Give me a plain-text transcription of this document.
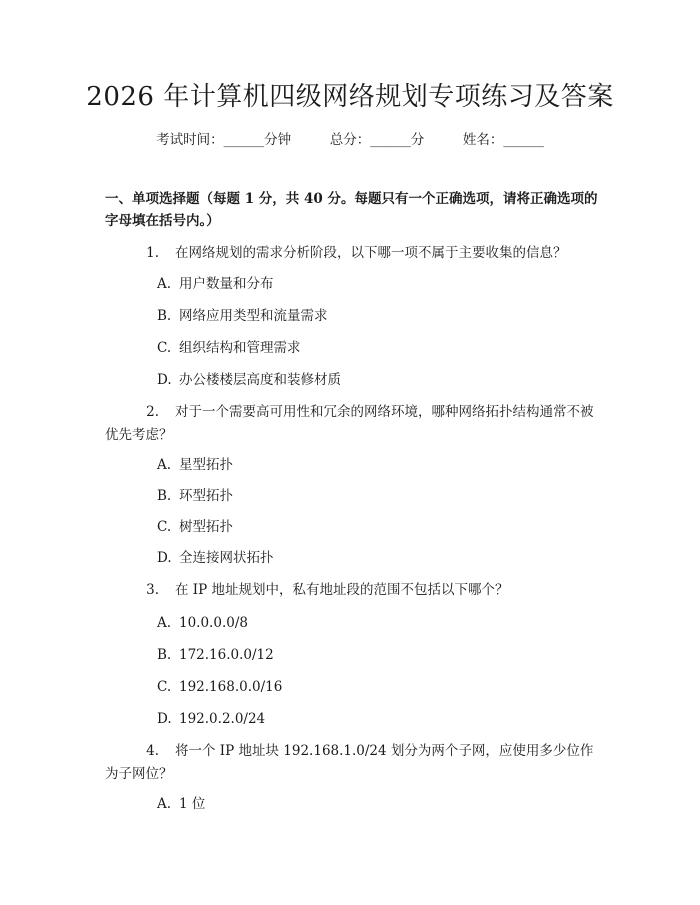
2026 年计算机四级网络规划专项练习及答案
考试时间：______分钟	总分：______分	姓名：______
一、单项选择题（每题 1 分，共 40 分。每题只有一个正确选项，请将正确选项的字母填在括号内。）
1. 在网络规划的需求分析阶段，以下哪一项不属于主要收集的信息？
A. 用户数量和分布
B. 网络应用类型和流量需求
C. 组织结构和管理需求
D. 办公楼楼层高度和装修材质
2. 对于一个需要高可用性和冗余的网络环境，哪种网络拓扑结构通常不被优先考虑？
A. 星型拓扑
B. 环型拓扑
C. 树型拓扑
D. 全连接网状拓扑
3. 在 IP 地址规划中，私有地址段的范围不包括以下哪个？
A. 10.0.0.0/8
B. 172.16.0.0/12
C. 192.168.0.0/16
D. 192.0.2.0/24
4. 将一个 IP 地址块 192.168.1.0/24 划分为两个子网，应使用多少位作为子网位？
A. 1 位
